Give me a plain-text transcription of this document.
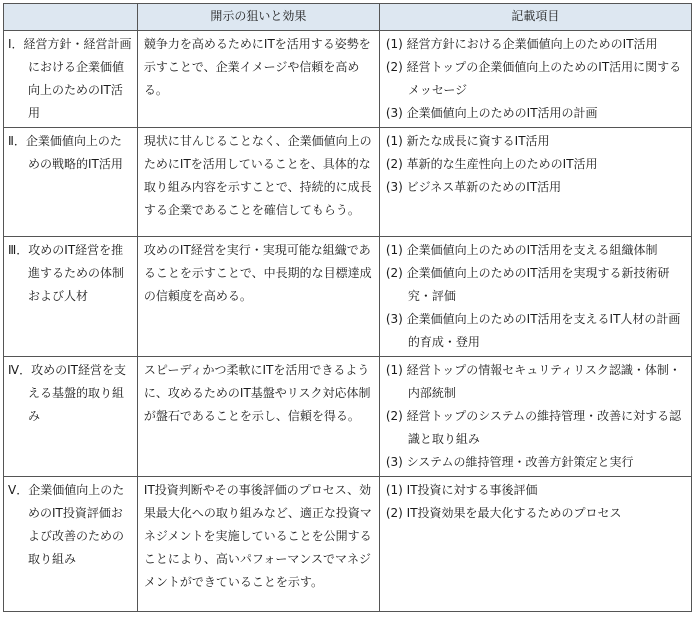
	開示の狙いと効果	記載項目
Ⅰ．経営方針・経営計画における企業価値向上のためのIT活用	競争力を高めるためにITを活用する姿勢を示すことで、企業イメージや信頼を高める。	(1) 経営方針における企業価値向上のためのIT活用
(2) 経営トップの企業価値向上のためのIT活用に関するメッセージ
(3) 企業価値向上のためのIT活用の計画

Ⅱ．企業価値向上のための戦略的IT活用	現状に甘んじることなく、企業価値向上のためにITを活用していることを、具体的な取り組み内容を示すことで、持続的に成長する企業であることを確信してもらう。	(1) 新たな成長に資するIT活用
(2) 革新的な生産性向上のためのIT活用
(3) ビジネス革新のためのIT活用

Ⅲ．攻めのIT経営を推進するための体制および人材	攻めのIT経営を実行・実現可能な組織であることを示すことで、中長期的な目標達成の信頼度を高める。	(1) 企業価値向上のためのIT活用を支える組織体制
(2) 企業価値向上のためのIT活用を実現する新技術研究・評価
(3) 企業価値向上のためのIT活用を支えるIT人材の計画的育成・登用

Ⅳ．攻めのIT経営を支える基盤的取り組み	スピーディかつ柔軟にITを活用できるように、攻めるためのIT基盤やリスク対応体制が盤石であることを示し、信頼を得る。	(1) 経営トップの情報セキュリティリスク認識・体制・内部統制
(2) 経営トップのシステムの維持管理・改善に対する認識と取り組み
(3) システムの維持管理・改善方針策定と実行

Ⅴ．企業価値向上のためのIT投資評価および改善のための取り組み	IT投資判断やその事後評価のプロセス、効果最大化への取り組みなど、適正な投資マネジメントを実施していることを公開することにより、高いパフォーマンスでマネジメントができていることを示す。	(1) IT投資に対する事後評価
(2) IT投資効果を最大化するためのプロセス
